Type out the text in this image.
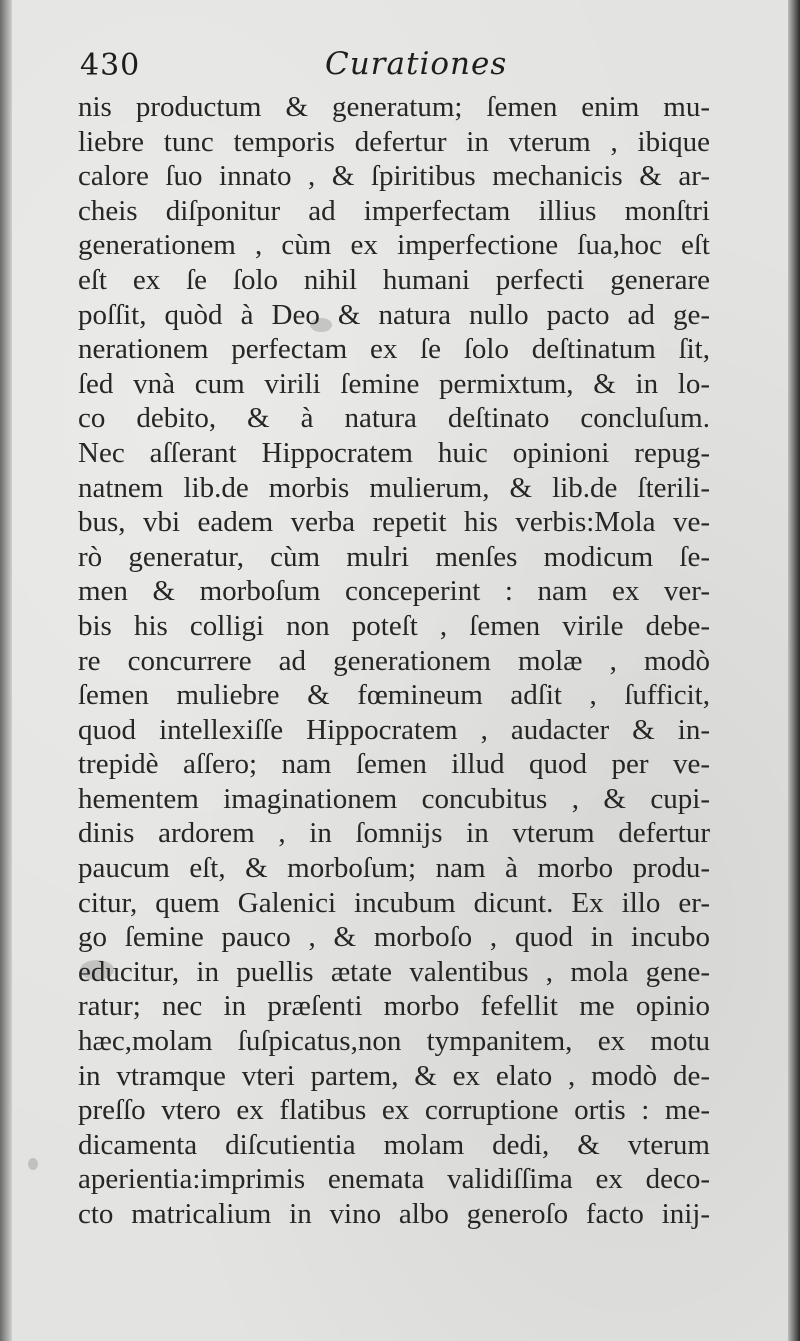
430	Curationes
nis productum & generatum; ſemen enim mu-
liebre tunc temporis defertur in vterum , ibique
calore ſuo innato , & ſpiritibus mechanicis & ar-
cheis diſponitur ad imperfectam illius monſtri
generationem , cùm ex imperfectione ſua,hoc eſt
eſt ex ſe ſolo nihil humani perfecti generare
poſſit, quòd à Deo & natura nullo pacto ad ge-
nerationem perfectam ex ſe ſolo deſtinatum ſit,
ſed vnà cum virili ſemine permixtum, & in lo-
co debito, & à natura deſtinato concluſum.
Nec aſſerant Hippocratem huic opinioni repug-
natnem lib.de morbis mulierum, & lib.de ſterili-
bus, vbi eadem verba repetit his verbis:Mola ve-
rò generatur, cùm mulri menſes modicum ſe-
men & morboſum conceperint : nam ex ver-
bis his colligi non poteſt , ſemen virile debe-
re concurrere ad generationem molæ , modò
ſemen muliebre & fœmineum adſit , ſufficit,
quod intellexiſſe Hippocratem , audacter & in-
trepidè aſſero; nam ſemen illud quod per ve-
hementem imaginationem concubitus , & cupi-
dinis ardorem , in ſomnijs in vterum defertur
paucum eſt, & morboſum; nam à morbo produ-
citur, quem Galenici incubum dicunt. Ex illo er-
go ſemine pauco , & morboſo , quod in incubo
educitur, in puellis ætate valentibus , mola gene-
ratur; nec in præſenti morbo fefellit me opinio
hæc,molam ſuſpicatus,non tympanitem, ex motu
in vtramque vteri partem, & ex elato , modò de-
preſſo vtero ex flatibus ex corruptione ortis : me-
dicamenta diſcutientia molam dedi, & vterum
aperientia:imprimis enemata validiſſima ex deco-
cto matricalium in vino albo generoſo facto inij-
